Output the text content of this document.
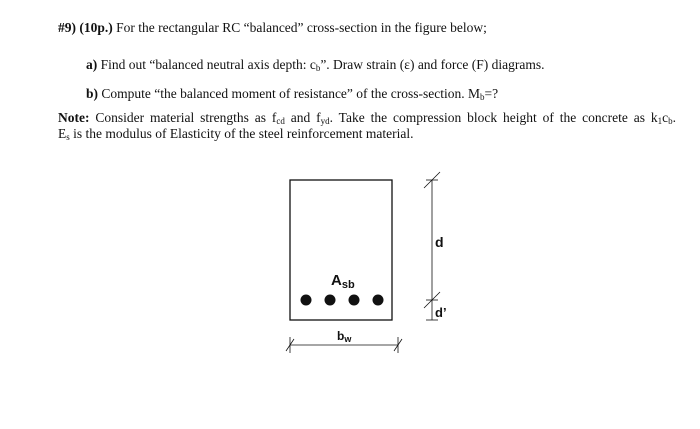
#9) (10p.) For the rectangular RC “balanced” cross-section in the figure below;
a) Find out “balanced neutral axis depth: $c_b$”. Draw strain (ε) and force (F) diagrams.
b) Compute “the balanced moment of resistance” of the cross-section. $M_b=$?
Note: Consider material strengths as $f_{cd}$ and $f_{yd}$. Take the compression block height of the concrete as $k_1c_b$.
$E_s$ is the modulus of Elasticity of the steel reinforcement material.
$A_{sb}$
d
d’
bw
